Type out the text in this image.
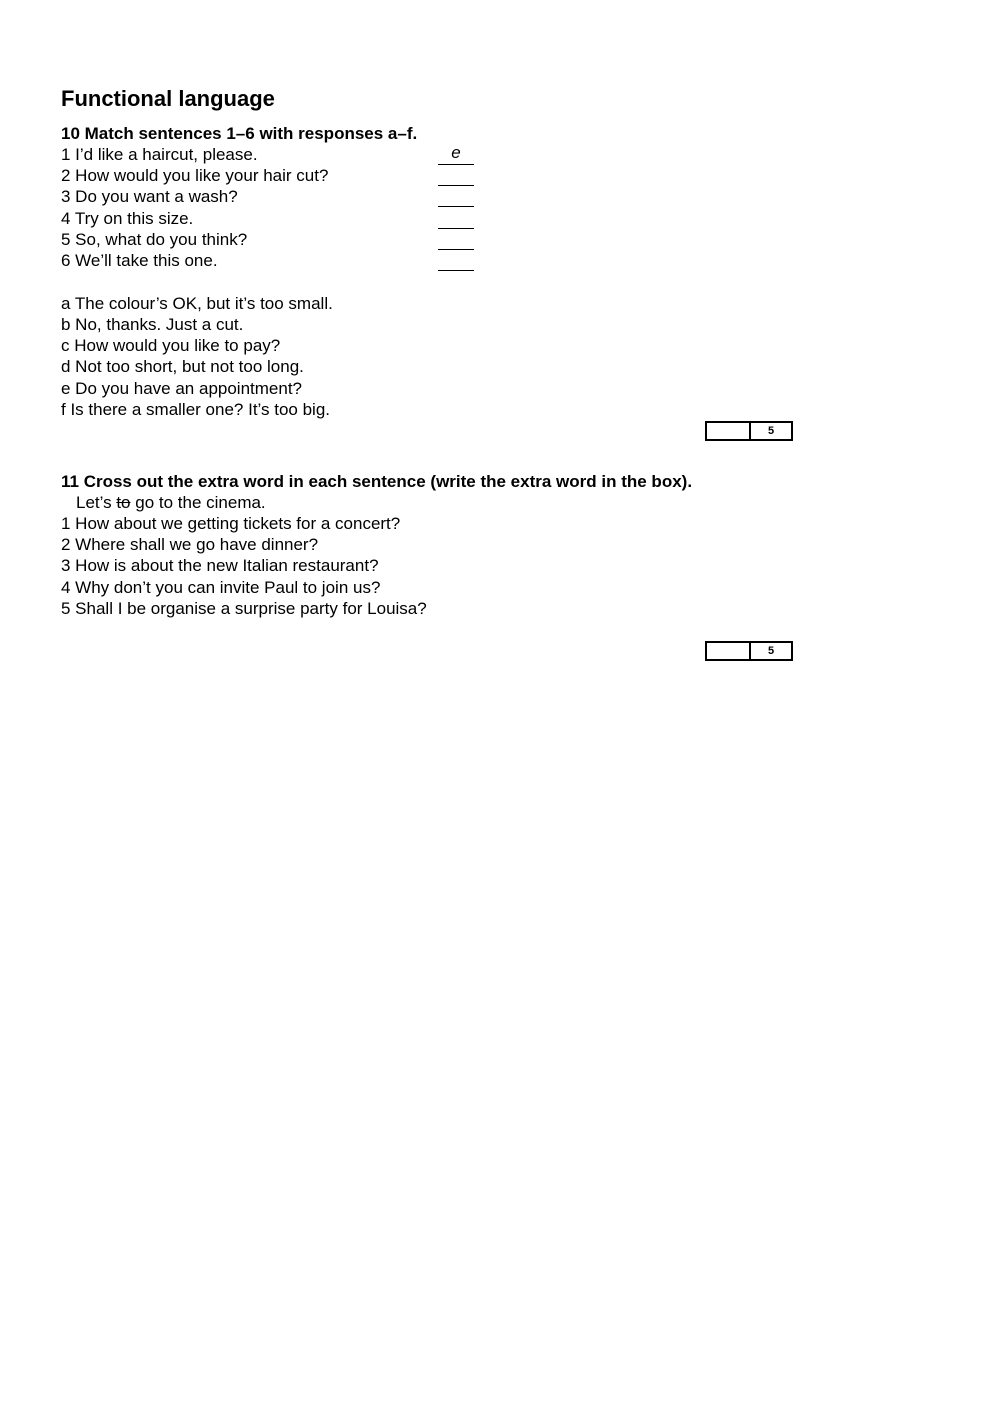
Functional language
10 Match sentences 1–6 with responses a–f.
1 I’d like a haircut, please.
2 How would you like your hair cut?
3 Do you want a wash?
4 Try on this size.
5 So, what do you think?
6 We’ll take this one.
e
a The colour’s OK, but it’s too small.
b No, thanks. Just a cut.
c How would you like to pay?
d Not too short, but not too long.
e Do you have an appointment?
f Is there a smaller one? It’s too big.
5
11 Cross out the extra word in each sentence (write the extra word in the box).
Let’s to go to the cinema.
1 How about we getting tickets for a concert?
2 Where shall we go have dinner?
3 How is about the new Italian restaurant?
4 Why don’t you can invite Paul to join us?
5 Shall I be organise a surprise party for Louisa?
5
